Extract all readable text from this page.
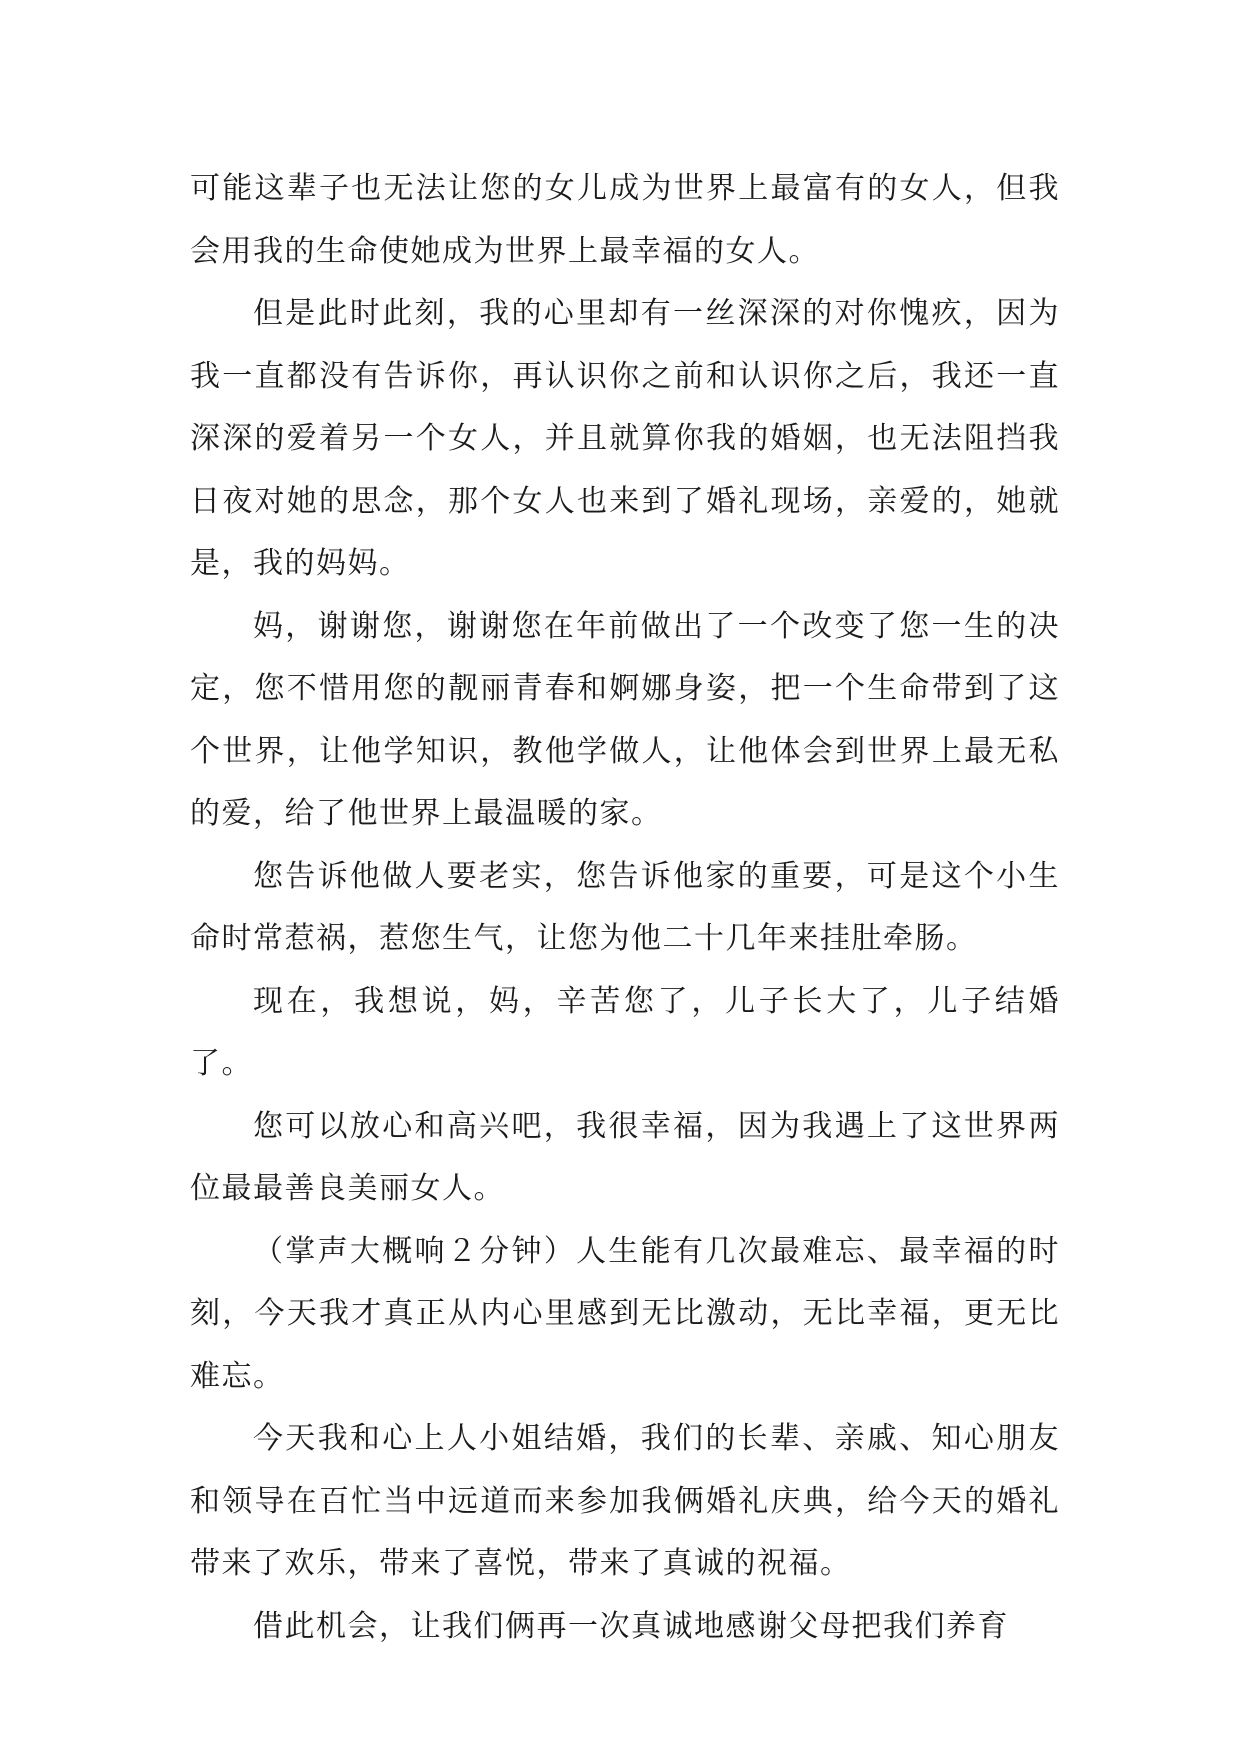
可能这辈子也无法让您的女儿成为世界上最富有的女人，但我会用我的生命使她成为世界上最幸福的女人。

但是此时此刻，我的心里却有一丝深深的对你愧疚，因为我一直都没有告诉你，再认识你之前和认识你之后，我还一直深深的爱着另一个女人，并且就算你我的婚姻，也无法阻挡我日夜对她的思念，那个女人也来到了婚礼现场，亲爱的，她就是，我的妈妈。

妈，谢谢您，谢谢您在年前做出了一个改变了您一生的决定，您不惜用您的靓丽青春和婀娜身姿，把一个生命带到了这个世界，让他学知识，教他学做人，让他体会到世界上最无私的爱，给了他世界上最温暖的家。

您告诉他做人要老实，您告诉他家的重要，可是这个小生命时常惹祸，惹您生气，让您为他二十几年来挂肚牵肠。

现在，我想说，妈，辛苦您了，儿子长大了，儿子结婚了。

您可以放心和高兴吧，我很幸福，因为我遇上了这世界两位最最善良美丽女人。

（掌声大概响２分钟）人生能有几次最难忘、最幸福的时刻，今天我才真正从内心里感到无比激动，无比幸福，更无比难忘。

今天我和心上人小姐结婚，我们的长辈、亲戚、知心朋友和领导在百忙当中远道而来参加我俩婚礼庆典，给今天的婚礼带来了欢乐，带来了喜悦，带来了真诚的祝福。

借此机会，让我们俩再一次真诚地感谢父母把我们养育
